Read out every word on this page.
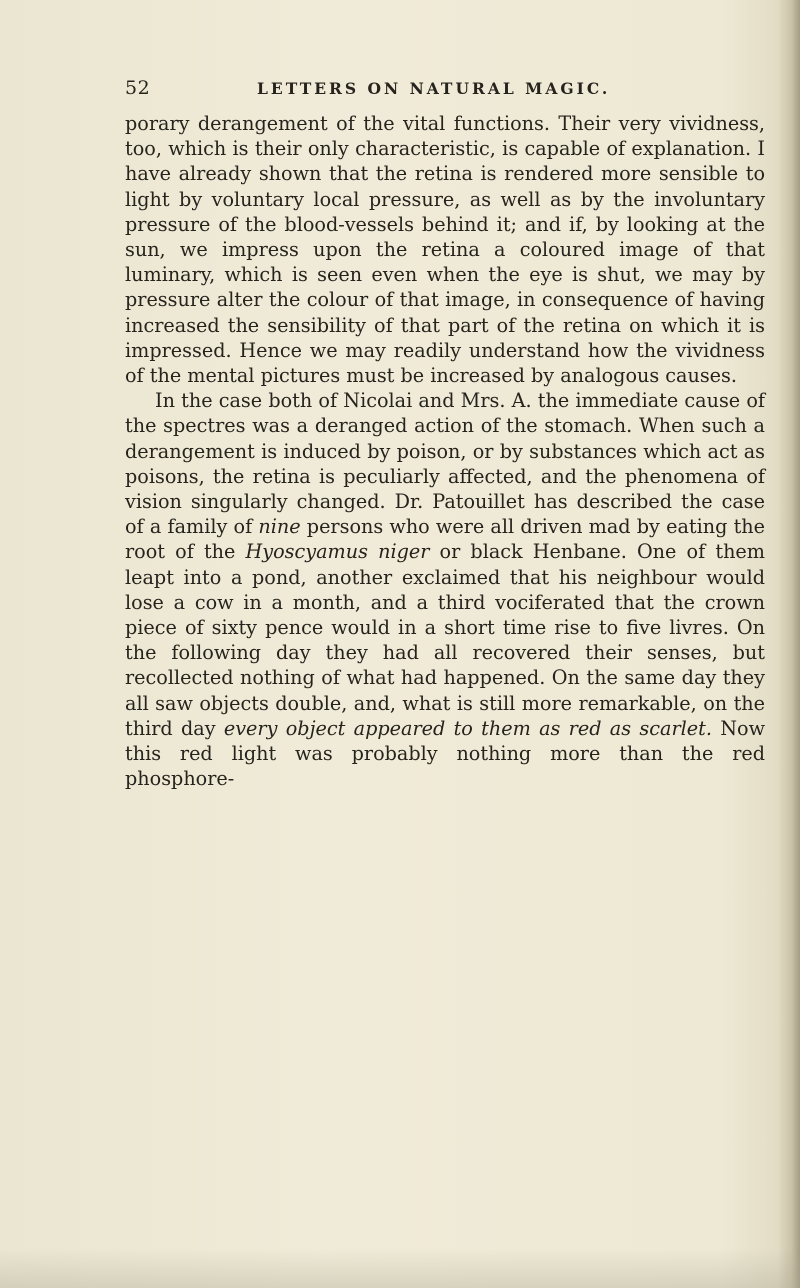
52	LETTERS ON NATURAL MAGIC.

porary derangement of the vital functions. Their very vividness, too, which is their only characteristic, is capable of explanation. I have already shown that the retina is rendered more sensible to light by voluntary local pressure, as well as by the involuntary pressure of the blood-vessels behind it; and if, by looking at the sun, we impress upon the retina a coloured image of that luminary, which is seen even when the eye is shut, we may by pressure alter the colour of that image, in consequence of having increased the sensibility of that part of the retina on which it is impressed. Hence we may readily understand how the vividness of the mental pictures must be increased by analogous causes.

In the case both of Nicolai and Mrs. A. the immediate cause of the spectres was a deranged action of the stomach. When such a derangement is induced by poison, or by substances which act as poisons, the retina is peculiarly affected, and the phenomena of vision singularly changed. Dr. Patouillet has described the case of a family of nine persons who were all driven mad by eating the root of the Hyoscyamus niger or black Henbane. One of them leapt into a pond, another exclaimed that his neighbour would lose a cow in a month, and a third vociferated that the crown piece of sixty pence would in a short time rise to five livres. On the following day they had all recovered their senses, but recollected nothing of what had happened. On the same day they all saw objects double, and, what is still more remarkable, on the third day every object appeared to them as red as scarlet. Now this red light was probably nothing more than the red phosphore-
